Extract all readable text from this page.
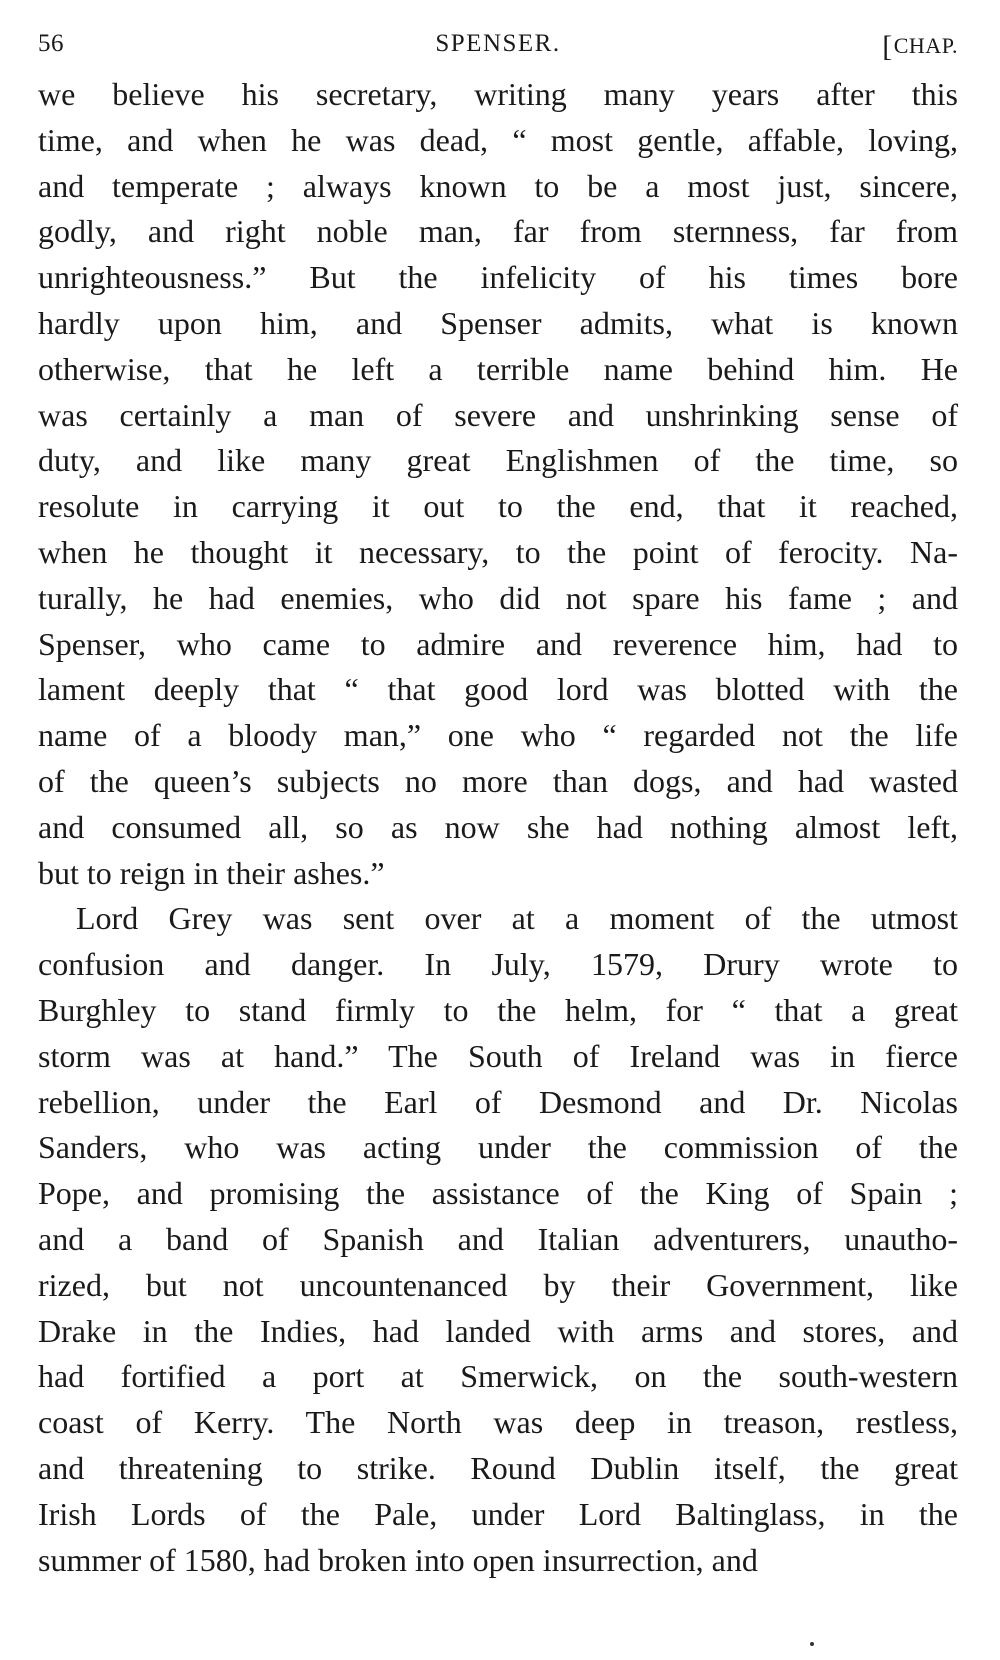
56	SPENSER.	[CHAP.
we believe his secretary, writing many years after this
time, and when he was dead, “ most gentle, affable, loving,
and temperate ; always known to be a most just, sincere,
godly, and right noble man, far from sternness, far from
unrighteousness.” But the infelicity of his times bore
hardly upon him, and Spenser admits, what is known
otherwise, that he left a terrible name behind him. He
was certainly a man of severe and unshrinking sense of
duty, and like many great Englishmen of the time, so
resolute in carrying it out to the end, that it reached,
when he thought it necessary, to the point of ferocity. Na-
turally, he had enemies, who did not spare his fame ; and
Spenser, who came to admire and reverence him, had to
lament deeply that “ that good lord was blotted with the
name of a bloody man,” one who “ regarded not the life
of the queen’s subjects no more than dogs, and had wasted
and consumed all, so as now she had nothing almost left,
but to reign in their ashes.”
Lord Grey was sent over at a moment of the utmost
confusion and danger. In July, 1579, Drury wrote to
Burghley to stand firmly to the helm, for “ that a great
storm was at hand.” The South of Ireland was in fierce
rebellion, under the Earl of Desmond and Dr. Nicolas
Sanders, who was acting under the commission of the
Pope, and promising the assistance of the King of Spain ;
and a band of Spanish and Italian adventurers, unautho-
rized, but not uncountenanced by their Government, like
Drake in the Indies, had landed with arms and stores, and
had fortified a port at Smerwick, on the south-western
coast of Kerry. The North was deep in treason, restless,
and threatening to strike. Round Dublin itself, the great
Irish Lords of the Pale, under Lord Baltinglass, in the
summer of 1580, had broken into open insurrection, and
